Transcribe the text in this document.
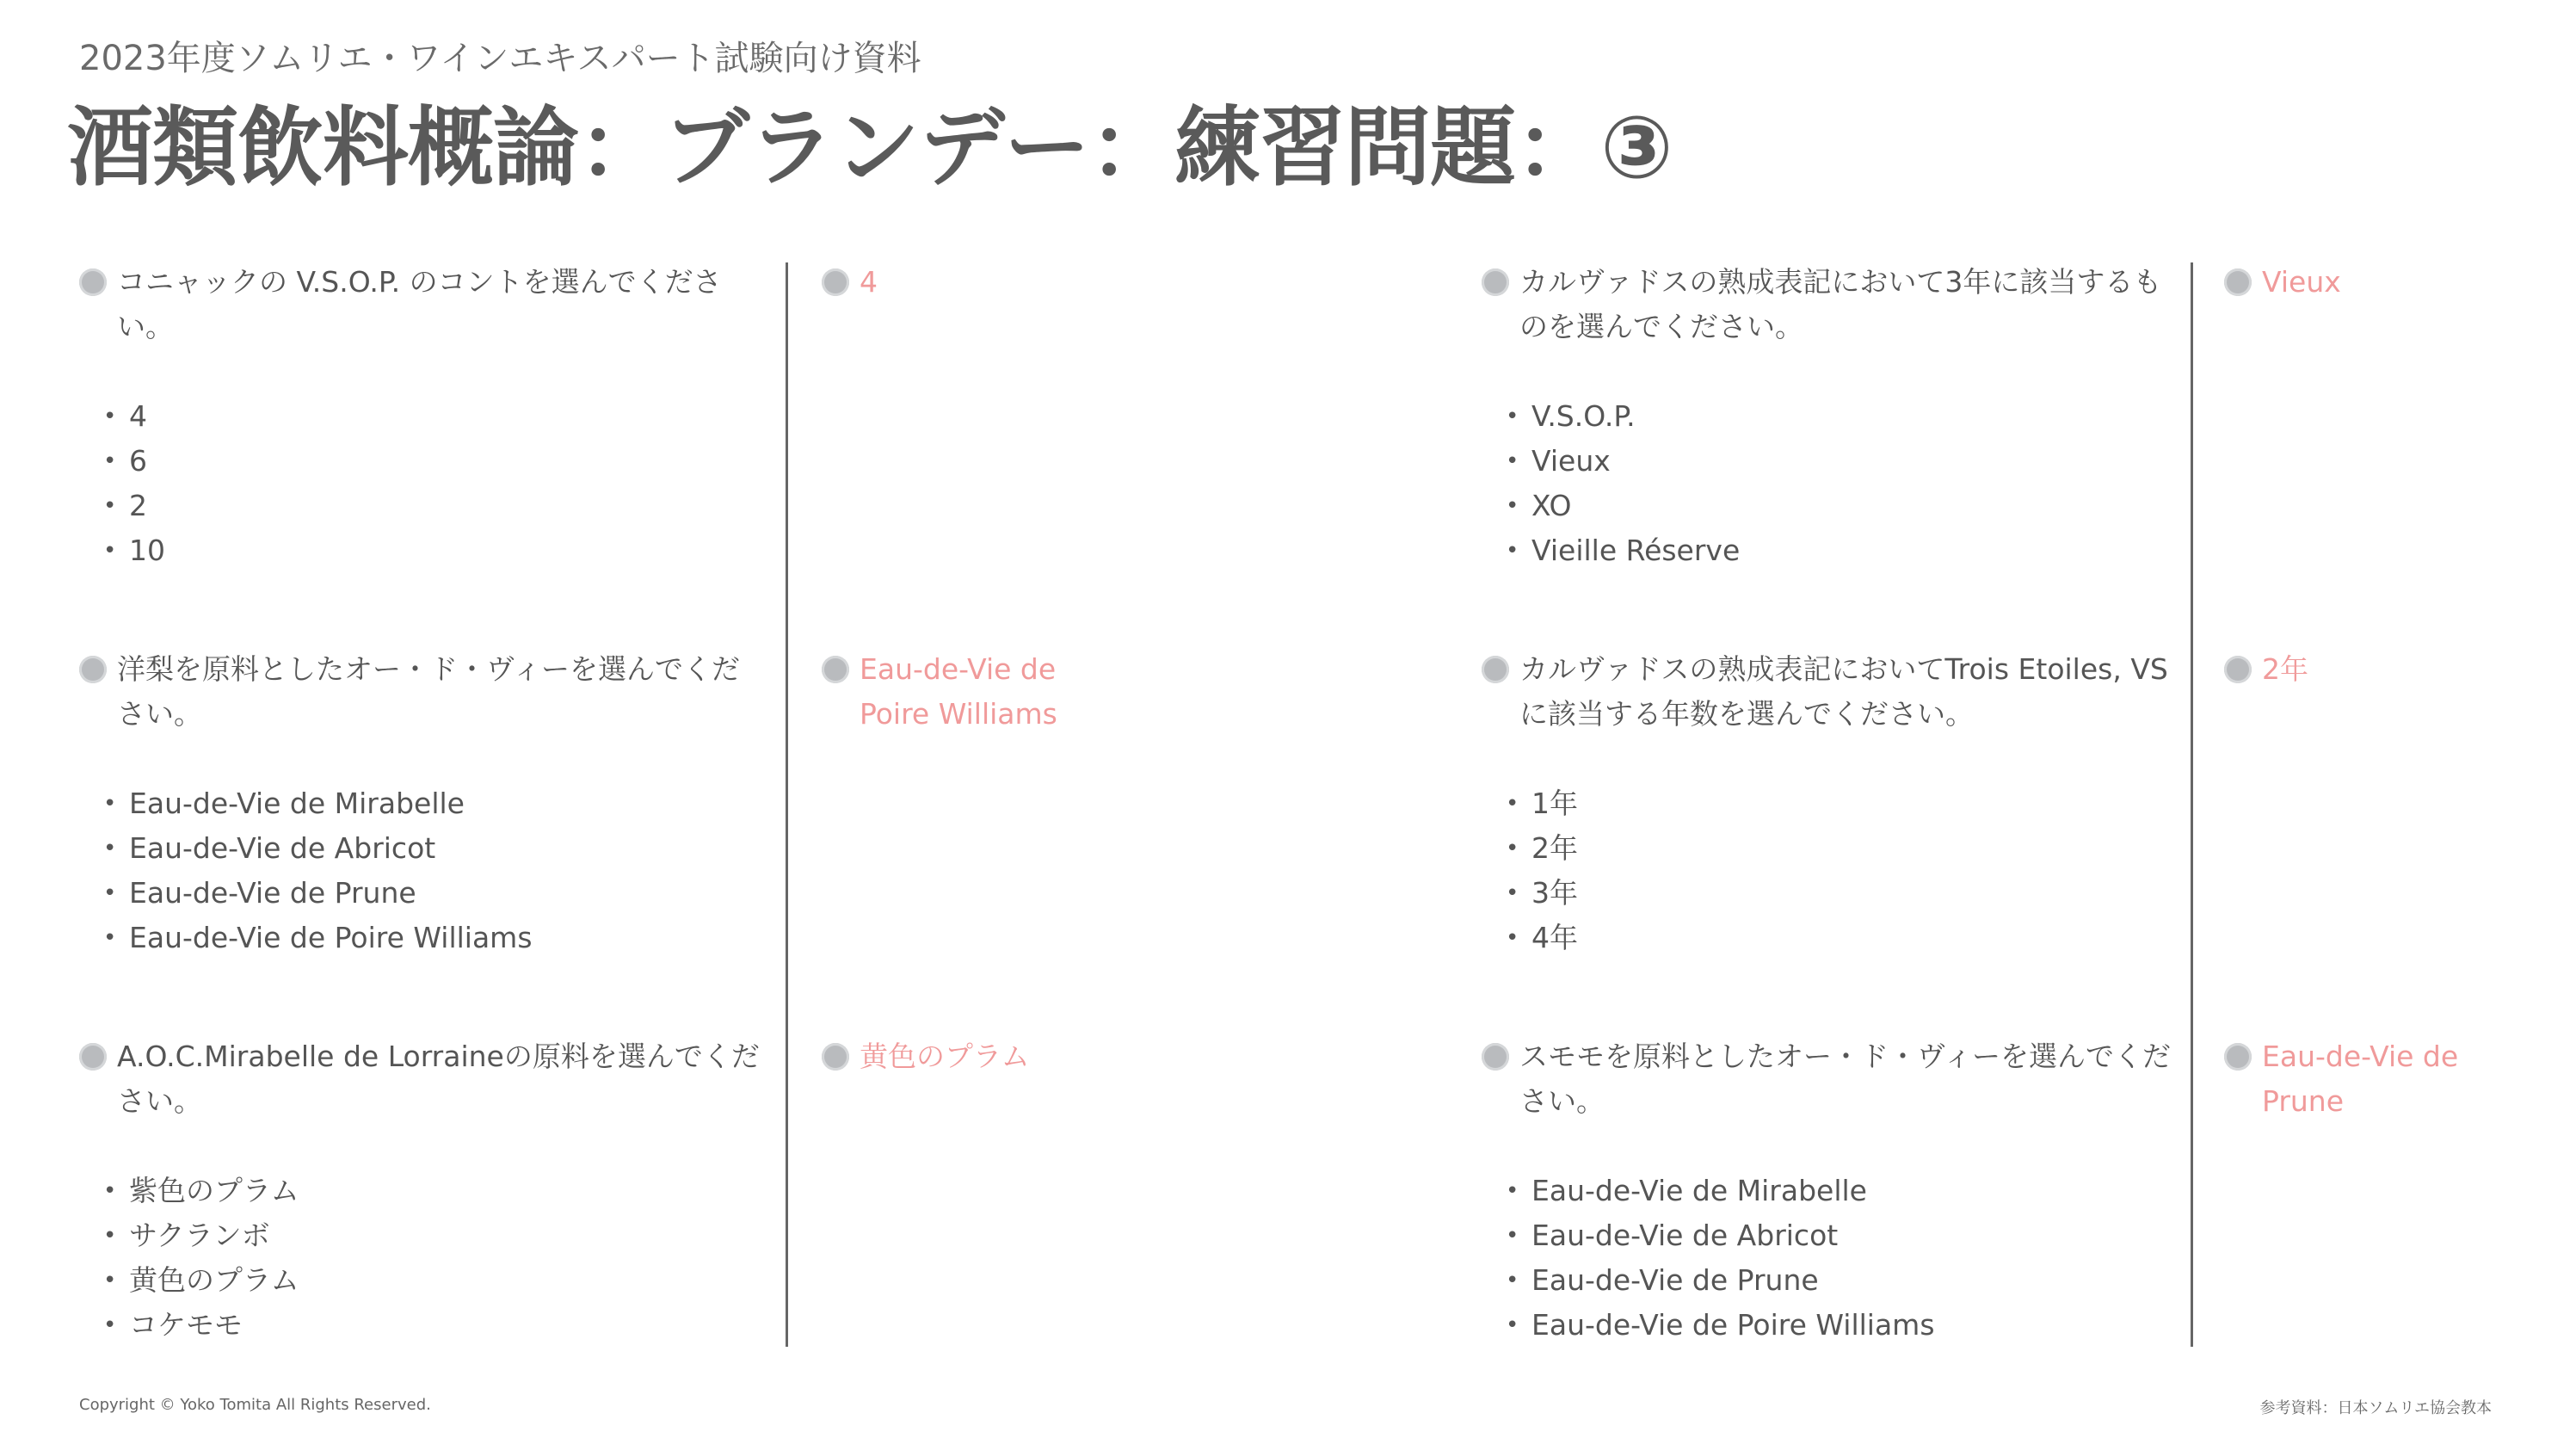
2023年度ソムリエ・ワインエキスパート試験向け資料
酒類飲料概論：ブランデー：練習問題：③
コニャックの V.S.O.P. のコントを選んでください。
• 4
• 6
• 2
• 10
4
洋梨を原料としたオー・ド・ヴィーを選んでください。
• Eau-de-Vie de Mirabelle
• Eau-de-Vie de Abricot
• Eau-de-Vie de Prune
• Eau-de-Vie de Poire Williams
Eau-de-Vie de Poire Williams
A.O.C.Mirabelle de Lorraineの原料を選んでください。
• 紫色のプラム
• サクランボ
• 黄色のプラム
• コケモモ
黄色のプラム
カルヴァドスの熟成表記において3年に該当するものを選んでください。
• V.S.O.P.
• Vieux
• XO
• Vieille Réserve
Vieux
カルヴァドスの熟成表記においてTrois Etoiles, VSに該当する年数を選んでください。
• 1年
• 2年
• 3年
• 4年
2年
スモモを原料としたオー・ド・ヴィーを選んでください。
• Eau-de-Vie de Mirabelle
• Eau-de-Vie de Abricot
• Eau-de-Vie de Prune
• Eau-de-Vie de Poire Williams
Eau-de-Vie de Prune
Copyright © Yoko Tomita All Rights Reserved.	参考資料：日本ソムリエ協会教本
